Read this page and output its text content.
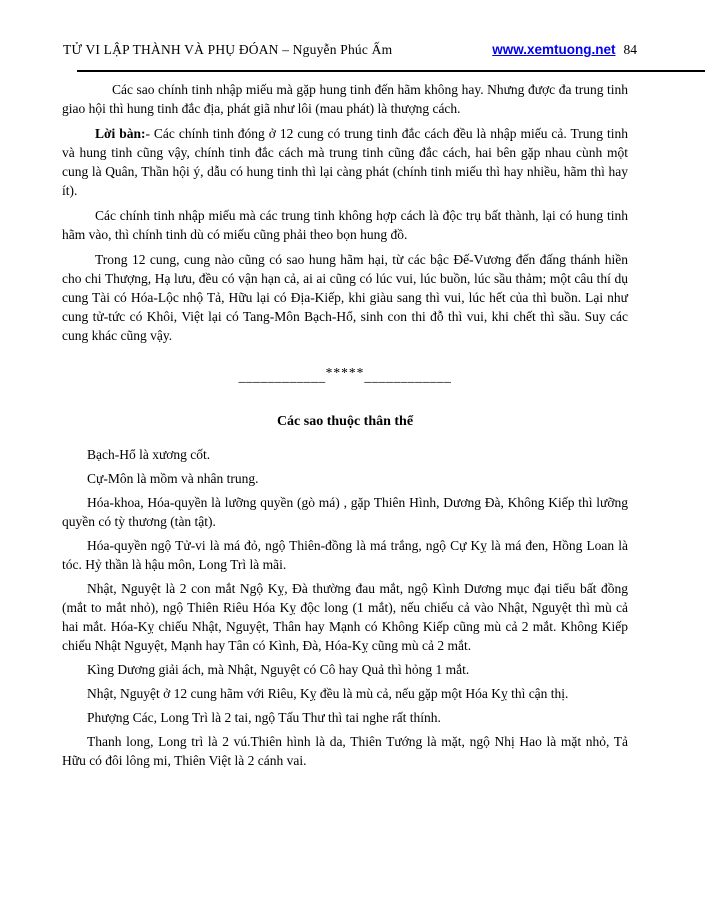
TỬ VI LẬP THÀNH VÀ PHỤ ĐÓAN – Nguyễn Phúc Ấm	www.xemtuong.net 84

Các sao chính tinh nhập miếu mà gặp hung tinh đến hãm không hay. Nhưng được đa trung tinh giao hội thì hung tinh đắc địa, phát giã như lôi (mau phát) là thượng cách.

Lời bàn:- Các chính tinh đóng ở 12 cung có trung tinh đắc cách đều là nhập miếu cả. Trung tinh và hung tinh cũng vậy, chính tinh đắc cách mà trung tinh cũng đắc cách, hai bên gặp nhau cùnh một cung là Quân, Thần hội ý, dẫu có hung tinh thì lại càng phát (chính tinh miếu thì hay nhiều, hãm thì hay ít).

Các chính tinh nhập miếu mà các trung tinh không hợp cách là độc trụ bất thành, lại có hung tinh hãm vào, thì chính tinh dù có miếu cũng phải theo bọn hung đồ.

Trong 12 cung, cung nào cũng có sao hung hãm hại, từ các bậc Đế-Vương đến đấng thánh hiền cho chi Thượng, Hạ lưu, đều có vận hạn cả, ai ai cũng có lúc vui, lúc buồn, lúc sầu thảm; một câu thí dụ cung Tài có Hóa-Lộc nhộ Tả, Hữu lại có Địa-Kiếp, khi giàu sang thì vui, lúc hết của thì buồn. Lại như cung tử-tức có Khôi, Việt lại có Tang-Môn Bạch-Hổ, sinh con thi đỗ thì vui, khi chết thì sầu. Suy các cung khác cũng vậy.

____________*****____________

Các sao thuộc thân thể

Bạch-Hổ là xương cốt.

Cự-Môn là mồm và nhân trung.

Hóa-khoa, Hóa-quyền là lưỡng quyền (gò má) , gặp Thiên Hình, Dương Đà, Không Kiếp thì lưỡng quyền có tỳ thương (tàn tật).

Hóa-quyền ngộ Tử-vi là má đỏ, ngộ Thiên-đồng là má trắng, ngộ Cự Kỵ là má đen, Hồng Loan là tóc. Hỷ thần là hậu môn, Long Trì là mãi.

Nhật, Nguyệt là 2 con mắt Ngộ Kỵ, Đà thường đau mắt, ngộ Kình Dương mục đại tiểu bất đồng (mắt to mắt nhỏ), ngộ Thiên Riêu Hóa Kỵ độc long (1 mắt), nếu chiếu cả vào Nhật, Nguyệt thì mù cả hai mắt. Hóa-Kỵ chiếu Nhật, Nguyệt, Thân hay Mạnh có Không Kiếp cũng mù cả 2 mắt. Không Kiếp chiếu Nhật Nguyệt, Mạnh hay Tân có Kình, Đà, Hóa-Kỵ cũng mù cả 2 mắt.

Kìng Dương giải ách, mà Nhật, Nguyệt có Cô hay Quả thì hỏng 1 mắt.

Nhật, Nguyệt ở 12 cung hãm với Riêu, Kỵ đều là mù cả, nếu gặp một Hóa Kỵ thì cận thị.

Phượng Các, Long Trì là 2 tai, ngộ Tấu Thư thì tai nghe rất thính.

Thanh long, Long trì là 2 vú.Thiên hình là da, Thiên Tướng là mặt, ngộ Nhị Hao là mặt nhỏ, Tả Hữu có đôi lông mi, Thiên Việt là 2 cánh vai.
